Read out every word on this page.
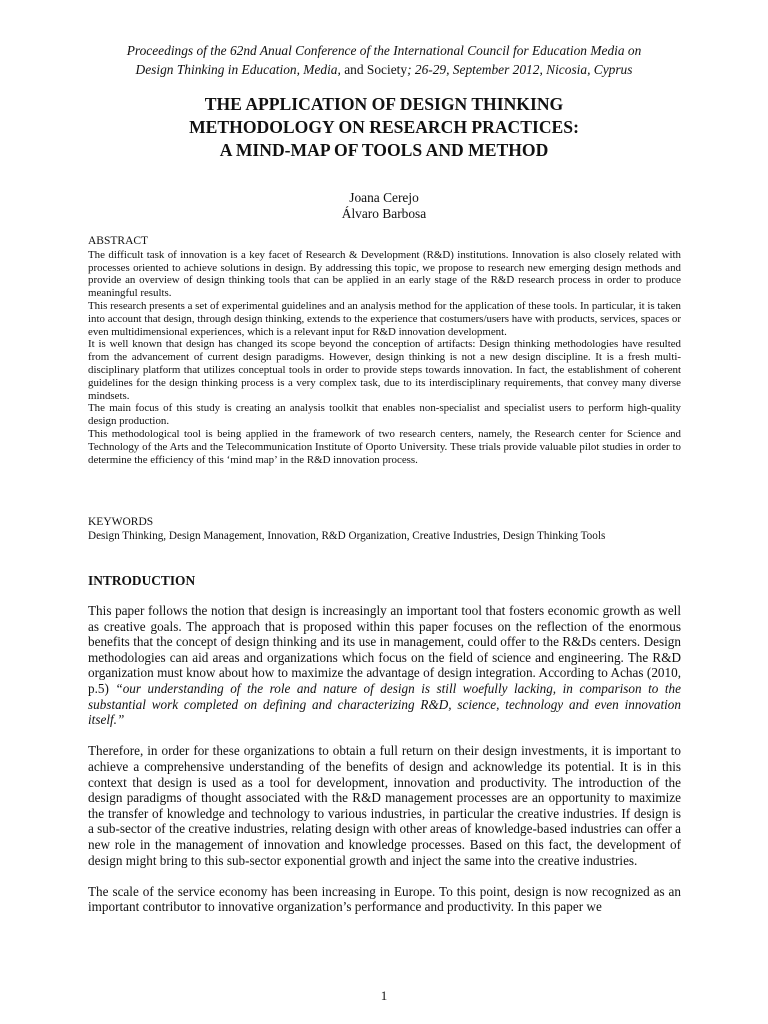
Proceedings of the 62nd Anual Conference of the International Council for Education Media on
Design Thinking in Education, Media, and Society; 26-29, September 2012, Nicosia, Cyprus
THE APPLICATION OF DESIGN THINKING
METHODOLOGY ON RESEARCH PRACTICES:
A MIND-MAP OF TOOLS AND METHOD
Joana Cerejo
Álvaro Barbosa

ABSTRACT

The difficult task of innovation is a key facet of Research & Development (R&D) institutions. Innovation is also closely related with processes oriented to achieve solutions in design. By addressing this topic, we propose to research new emerging design methods and provide an overview of design thinking tools that can be applied in an early stage of the R&D research process in order to produce meaningful results.

This research presents a set of experimental guidelines and an analysis method for the application of these tools. In particular, it is taken into account that design, through design thinking, extends to the experience that costumers/users have with products, services, spaces or even multidimensional experiences, which is a relevant input for R&D innovation development.

It is well known that design has changed its scope beyond the conception of artifacts: Design thinking methodologies have resulted from the advancement of current design paradigms. However, design thinking is not a new design discipline. It is a fresh multi-disciplinary platform that utilizes conceptual tools in order to provide steps towards innovation. In fact, the establishment of coherent guidelines for the design thinking process is a very complex task, due to its interdisciplinary requirements, that convey many diverse mindsets.

The main focus of this study is creating an analysis toolkit that enables non-specialist and specialist users to perform high-quality design production.

This methodological tool is being applied in the framework of two research centers, namely, the Research center for Science and Technology of the Arts and the Telecommunication Institute of Oporto University. These trials provide valuable pilot studies in order to determine the efficiency of this ‘mind map’ in the R&D innovation process.

KEYWORDS
Design Thinking, Design Management, Innovation, R&D Organization, Creative Industries, Design Thinking Tools
INTRODUCTION

This paper follows the notion that design is increasingly an important tool that fosters economic growth as well as creative goals. The approach that is proposed within this paper focuses on the reflection of the enormous benefits that the concept of design thinking and its use in management, could offer to the R&Ds centers. Design methodologies can aid areas and organizations which focus on the field of science and engineering. The R&D organization must know about how to maximize the advantage of design integration. According to Achas (2010, p.5) “our understanding of the role and nature of design is still woefully lacking, in comparison to the substantial work completed on defining and characterizing R&D, science, technology and even innovation itself.”

Therefore, in order for these organizations to obtain a full return on their design investments, it is important to achieve a comprehensive understanding of the benefits of design and acknowledge its potential. It is in this context that design is used as a tool for development, innovation and productivity. The introduction of the design paradigms of thought associated with the R&D management processes are an opportunity to maximize the transfer of knowledge and technology to various industries, in particular the creative industries. If design is a sub-sector of the creative industries, relating design with other areas of knowledge-based industries can offer a new role in the management of innovation and knowledge processes. Based on this fact, the development of design might bring to this sub-sector exponential growth and inject the same into the creative industries.

The scale of the service economy has been increasing in Europe. To this point, design is now recognized as an important contributor to innovative organization’s performance and productivity. In this paper we

1
